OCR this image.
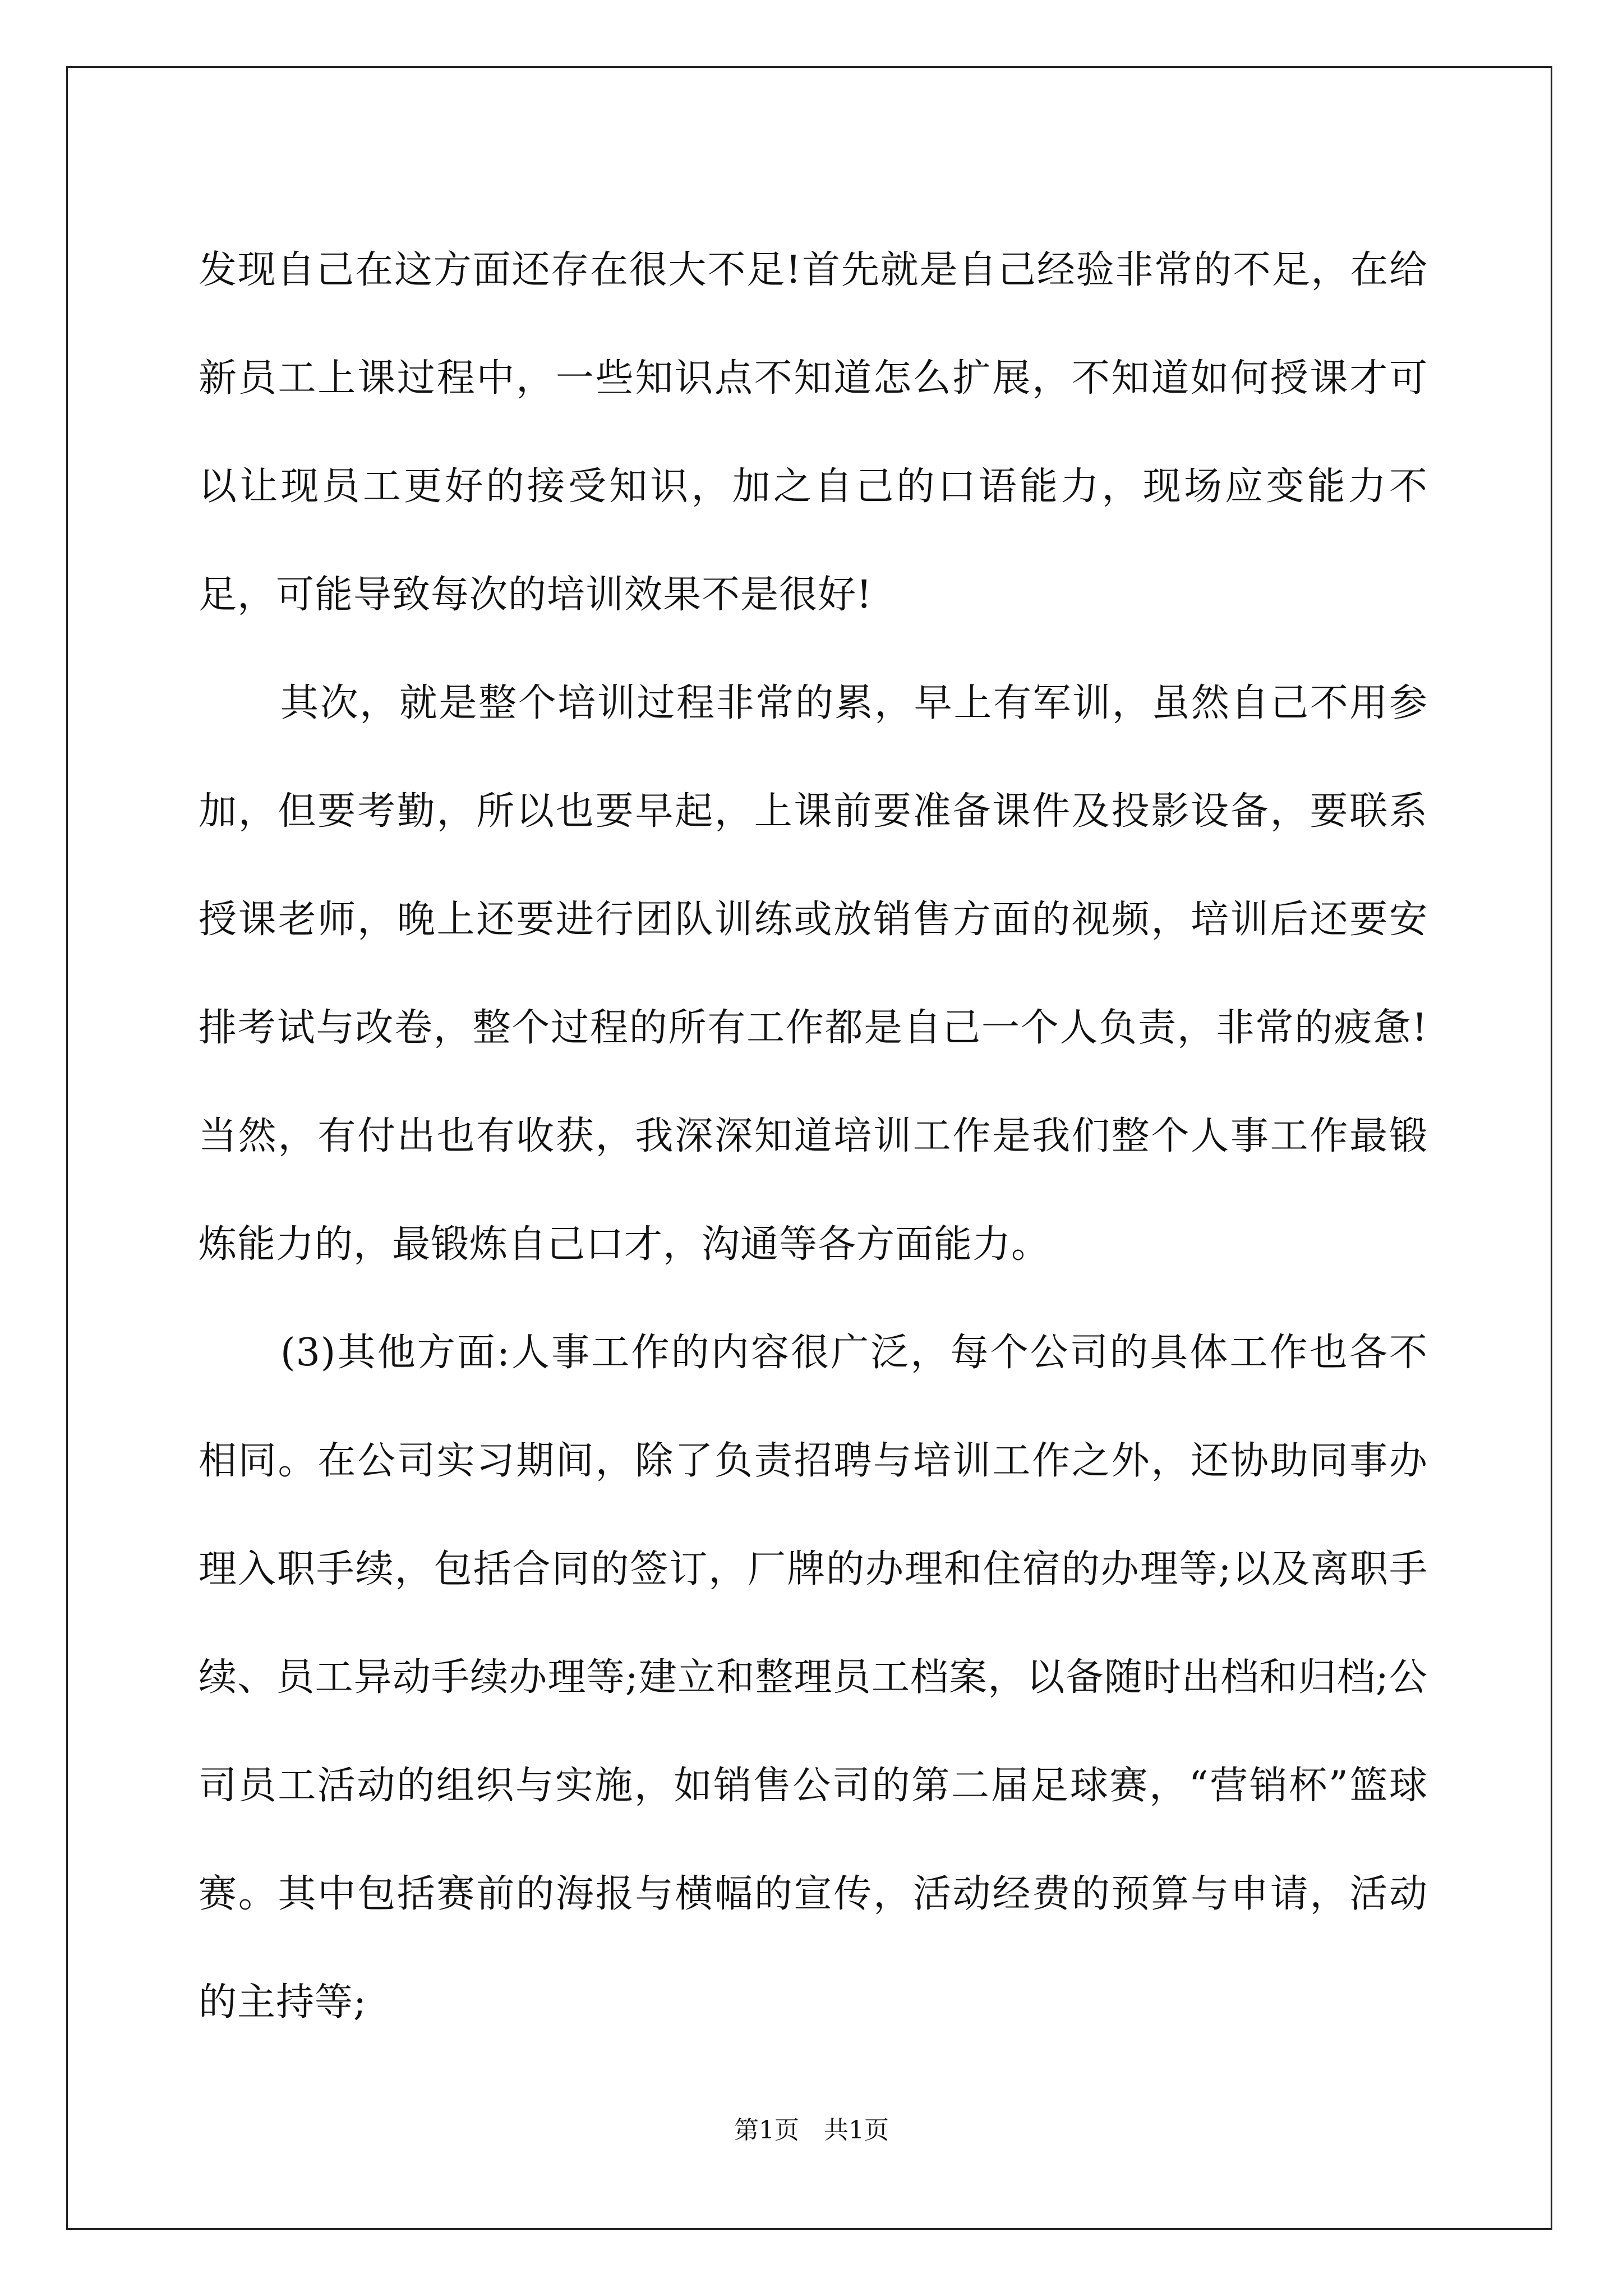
发现自己在这方面还存在很大不足!首先就是自己经验非常的不足，在给新员工上课过程中，一些知识点不知道怎么扩展，不知道如何授课才可以让现员工更好的接受知识，加之自己的口语能力，现场应变能力不足，可能导致每次的培训效果不是很好!

其次，就是整个培训过程非常的累，早上有军训，虽然自己不用参加，但要考勤，所以也要早起，上课前要准备课件及投影设备，要联系授课老师，晚上还要进行团队训练或放销售方面的视频，培训后还要安排考试与改卷，整个过程的所有工作都是自己一个人负责，非常的疲惫!当然，有付出也有收获，我深深知道培训工作是我们整个人事工作最锻炼能力的，最锻炼自己口才，沟通等各方面能力。

(3)其他方面:人事工作的内容很广泛，每个公司的具体工作也各不相同。在公司实习期间，除了负责招聘与培训工作之外，还协助同事办理入职手续，包括合同的签订，厂牌的办理和住宿的办理等;以及离职手续、员工异动手续办理等;建立和整理员工档案，以备随时出档和归档;公司员工活动的组织与实施，如销售公司的第二届足球赛，“营销杯”篮球赛。其中包括赛前的海报与横幅的宣传，活动经费的预算与申请，活动的主持等;

第1页 共1页
